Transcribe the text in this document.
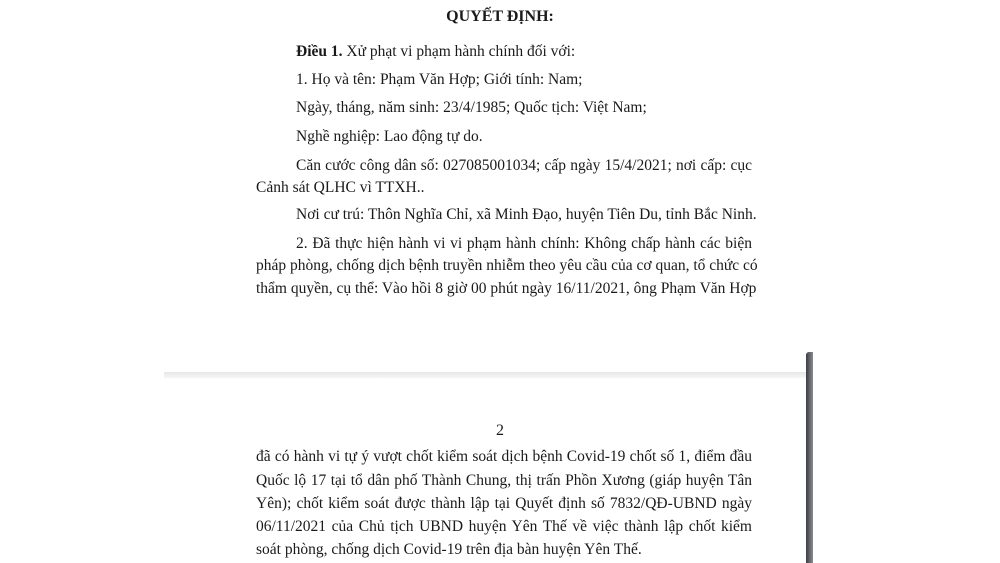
QUYẾT ĐỊNH:
Điều 1. Xử phạt vi phạm hành chính đối với:
1. Họ và tên: Phạm Văn Hợp; Giới tính: Nam;
Ngày, tháng, năm sinh: 23/4/1985; Quốc tịch: Việt Nam;
Nghề nghiệp: Lao động tự do.
Căn cước công dân số: 027085001034; cấp ngày 15/4/2021; nơi cấp: cục
Cảnh sát QLHC vì TTXH..
Nơi cư trú: Thôn Nghĩa Chỉ, xã Minh Đạo, huyện Tiên Du, tỉnh Bắc Ninh.
2. Đã thực hiện hành vi vi phạm hành chính: Không chấp hành các biện
pháp phòng, chống dịch bệnh truyền nhiễm theo yêu cầu của cơ quan, tổ chức có
thẩm quyền, cụ thể: Vào hồi 8 giờ 00 phút ngày 16/11/2021, ông Phạm Văn Hợp
2
đã có hành vi tự ý vượt chốt kiểm soát dịch bệnh Covid-19 chốt số 1, điểm đầu
Quốc lộ 17 tại tổ dân phố Thành Chung, thị trấn Phồn Xương (giáp huyện Tân
Yên); chốt kiểm soát được thành lập tại Quyết định số 7832/QĐ-UBND ngày
06/11/2021 của Chủ tịch UBND huyện Yên Thế về việc thành lập chốt kiểm
soát phòng, chống dịch Covid-19 trên địa bàn huyện Yên Thế.
